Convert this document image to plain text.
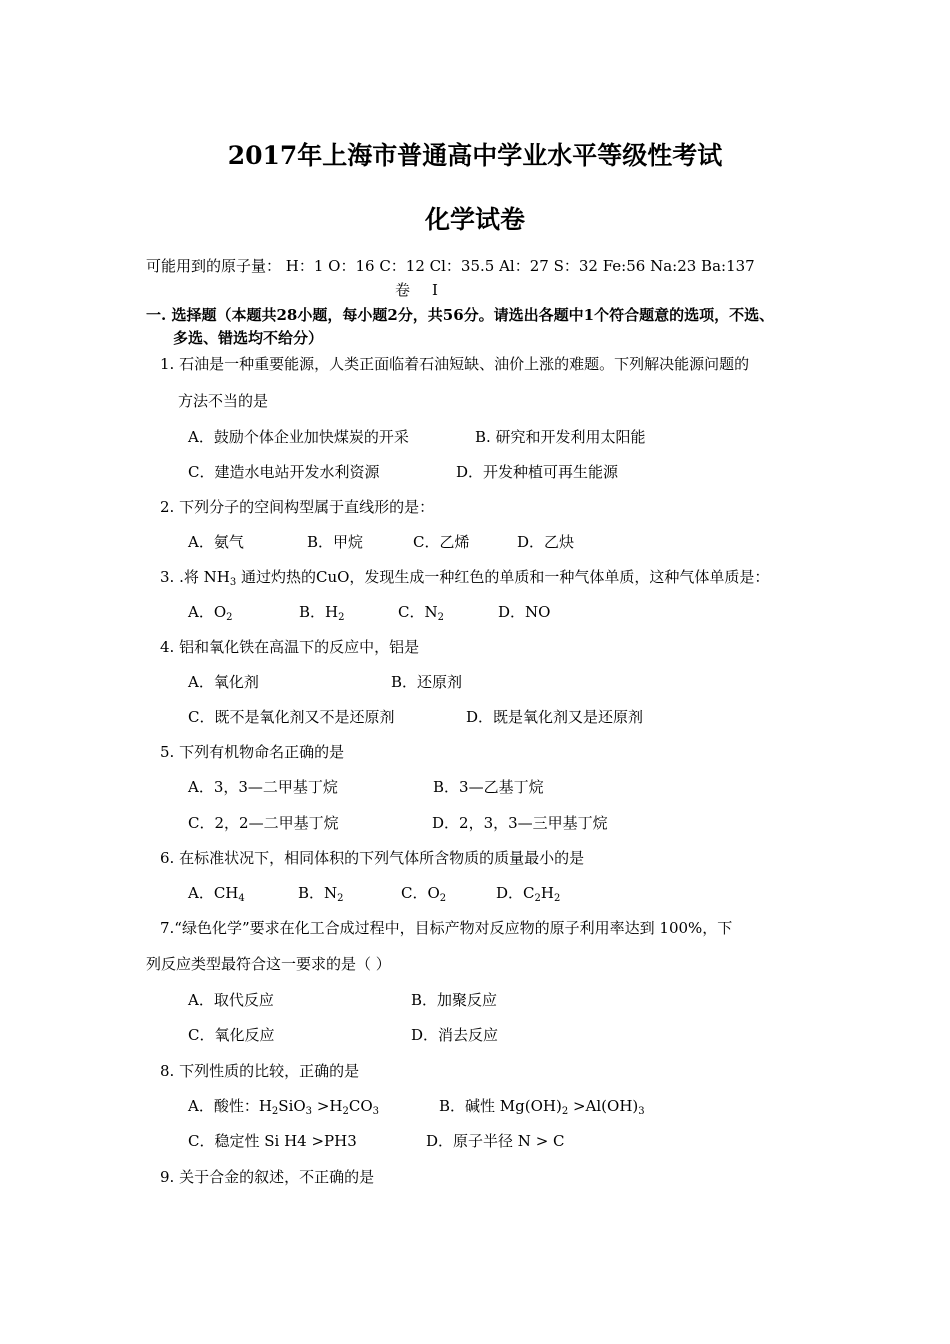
2017年上海市普通高中学业水平等级性考试
化学试卷
可能用到的原子量： H：1 O：16 C：12 Cl：35.5 Al：27 S：32 Fe:56 Na:23 Ba:137
卷 Ⅰ
一. 选择题（本题共28小题，每小题2分，共56分。请选出各题中1个符合题意的选项，不选、
多选、错选均不给分）
1. 石油是一种重要能源，人类正面临着石油短缺、油价上涨的难题。下列解决能源问题的
方法不当的是
A．鼓励个体企业加快煤炭的开采	B. 研究和开发利用太阳能
C．建造水电站开发水利资源	D．开发种植可再生能源
2. 下列分子的空间构型属于直线形的是：
A．氨气	B．甲烷	C．乙烯	D．乙炔
3. .将 $NH_3$ 通过灼热的CuO，发现生成一种红色的单质和一种气体单质，这种气体单质是：
A．$O_2$	B．$H_2$	C．$N_2$	D．NO
4. 铝和氧化铁在高温下的反应中，铝是
A．氧化剂	B．还原剂
C．既不是氧化剂又不是还原剂	D．既是氧化剂又是还原剂
5. 下列有机物命名正确的是
A．3，3—二甲基丁烷	B．3—乙基丁烷
C．2，2—二甲基丁烷	D．2，3，3—三甲基丁烷
6. 在标准状况下，相同体积的下列气体所含物质的质量最小的是
A．$CH_4$	B．$N_2$	C．$O_2$	D．$C_2H_2$
7.“绿色化学”要求在化工合成过程中，目标产物对反应物的原子利用率达到 100%，下
列反应类型最符合这一要求的是（ ）
A．取代反应	B．加聚反应
C．氧化反应	D．消去反应
8. 下列性质的比较，正确的是
A．酸性：$H_2SiO_3 >H_2CO_3$	B．碱性 $Mg(OH)_2 >Al(OH)_3$
C．稳定性 Si H4 >PH3	D．原子半径 N > C
9. 关于合金的叙述，不正确的是
